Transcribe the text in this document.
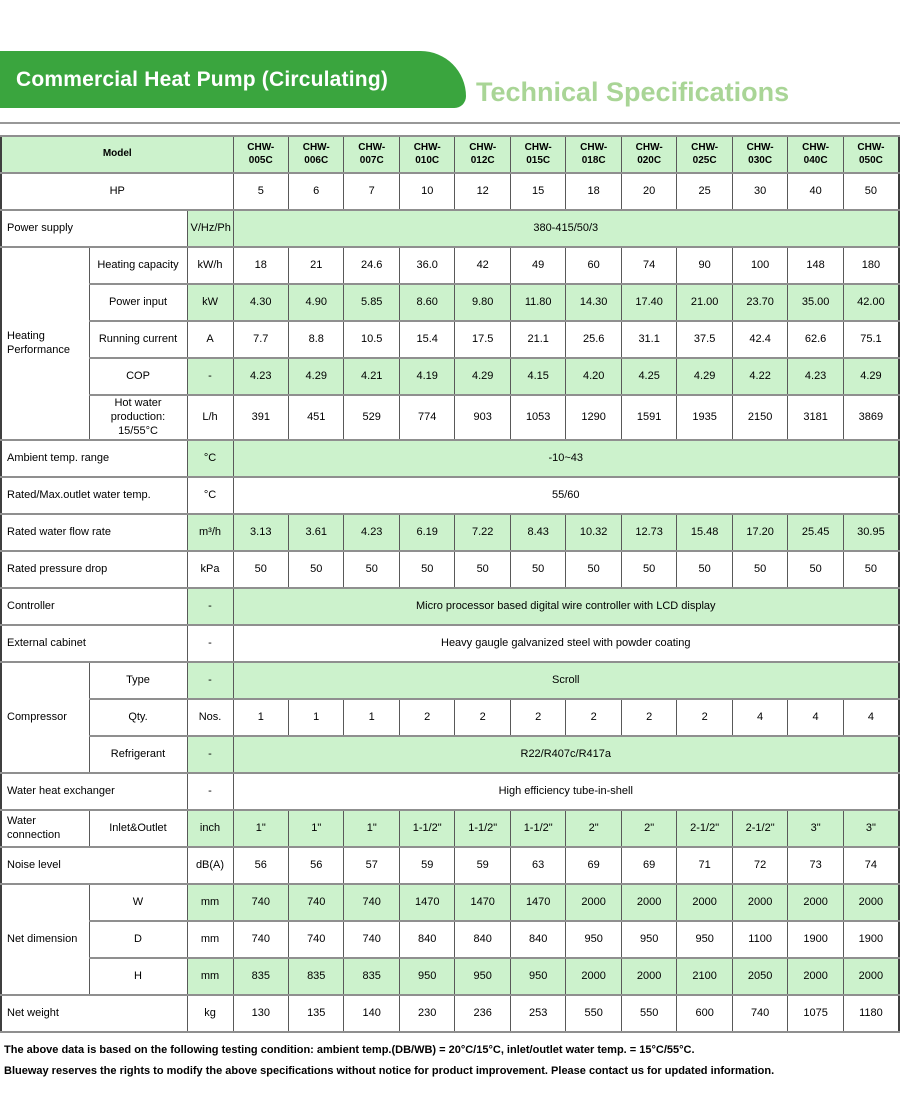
Commercial Heat Pump (Circulating)	Technical Specifications
Model			CHW-005C	CHW-006C	CHW-007C	CHW-010C	CHW-012C	CHW-015C	CHW-018C	CHW-020C	CHW-025C	CHW-030C	CHW-040C	CHW-050C
HP			5	6	7	10	12	15	18	20	25	30	40	50
Power supply		V/Hz/Ph	380-415/50/3											
Heating Performance	Heating capacity	kW/h	18	21	24.6	36.0	42	49	60	74	90	100	148	180
	Power input	kW	4.30	4.90	5.85	8.60	9.80	11.80	14.30	17.40	21.00	23.70	35.00	42.00
	Running current	A	7.7	8.8	10.5	15.4	17.5	21.1	25.6	31.1	37.5	42.4	62.6	75.1
	COP	-	4.23	4.29	4.21	4.19	4.29	4.15	4.20	4.25	4.29	4.22	4.23	4.29
	Hot water production: 15/55°C	L/h	391	451	529	774	903	1053	1290	1591	1935	2150	3181	3869
Ambient temp. range		°C	-10~43											
Rated/Max.outlet water temp.		°C	55/60											
Rated water flow rate		m³/h	3.13	3.61	4.23	6.19	7.22	8.43	10.32	12.73	15.48	17.20	25.45	30.95
Rated pressure drop		kPa	50	50	50	50	50	50	50	50	50	50	50	50
Controller		-	Micro processor based digital wire controller with LCD display											
External cabinet		-	Heavy gaugle galvanized steel with powder coating											
Compressor	Type	-	Scroll											
	Qty.	Nos.	1	1	1	2	2	2	2	2	2	4	4	4
	Refrigerant	-	R22/R407c/R417a											
Water heat exchanger		-	High efficiency tube-in-shell											
Water connection	Inlet&Outlet	inch	1"	1"	1"	1-1/2"	1-1/2"	1-1/2"	2"	2"	2-1/2"	2-1/2"	3"	3"
Noise level		dB(A)	56	56	57	59	59	63	69	69	71	72	73	74
Net dimension	W	mm	740	740	740	1470	1470	1470	2000	2000	2000	2000	2000	2000
	D	mm	740	740	740	840	840	840	950	950	950	1100	1900	1900
	H	mm	835	835	835	950	950	950	2000	2000	2100	2050	2000	2000
Net weight		kg	130	135	140	230	236	253	550	550	600	740	1075	1180
The above data is based on the following testing condition: ambient temp.(DB/WB) = 20°C/15°C, inlet/outlet water temp. = 15°C/55°C.
Blueway reserves the rights to modify the above specifications without notice for product improvement. Please contact us for updated information.
